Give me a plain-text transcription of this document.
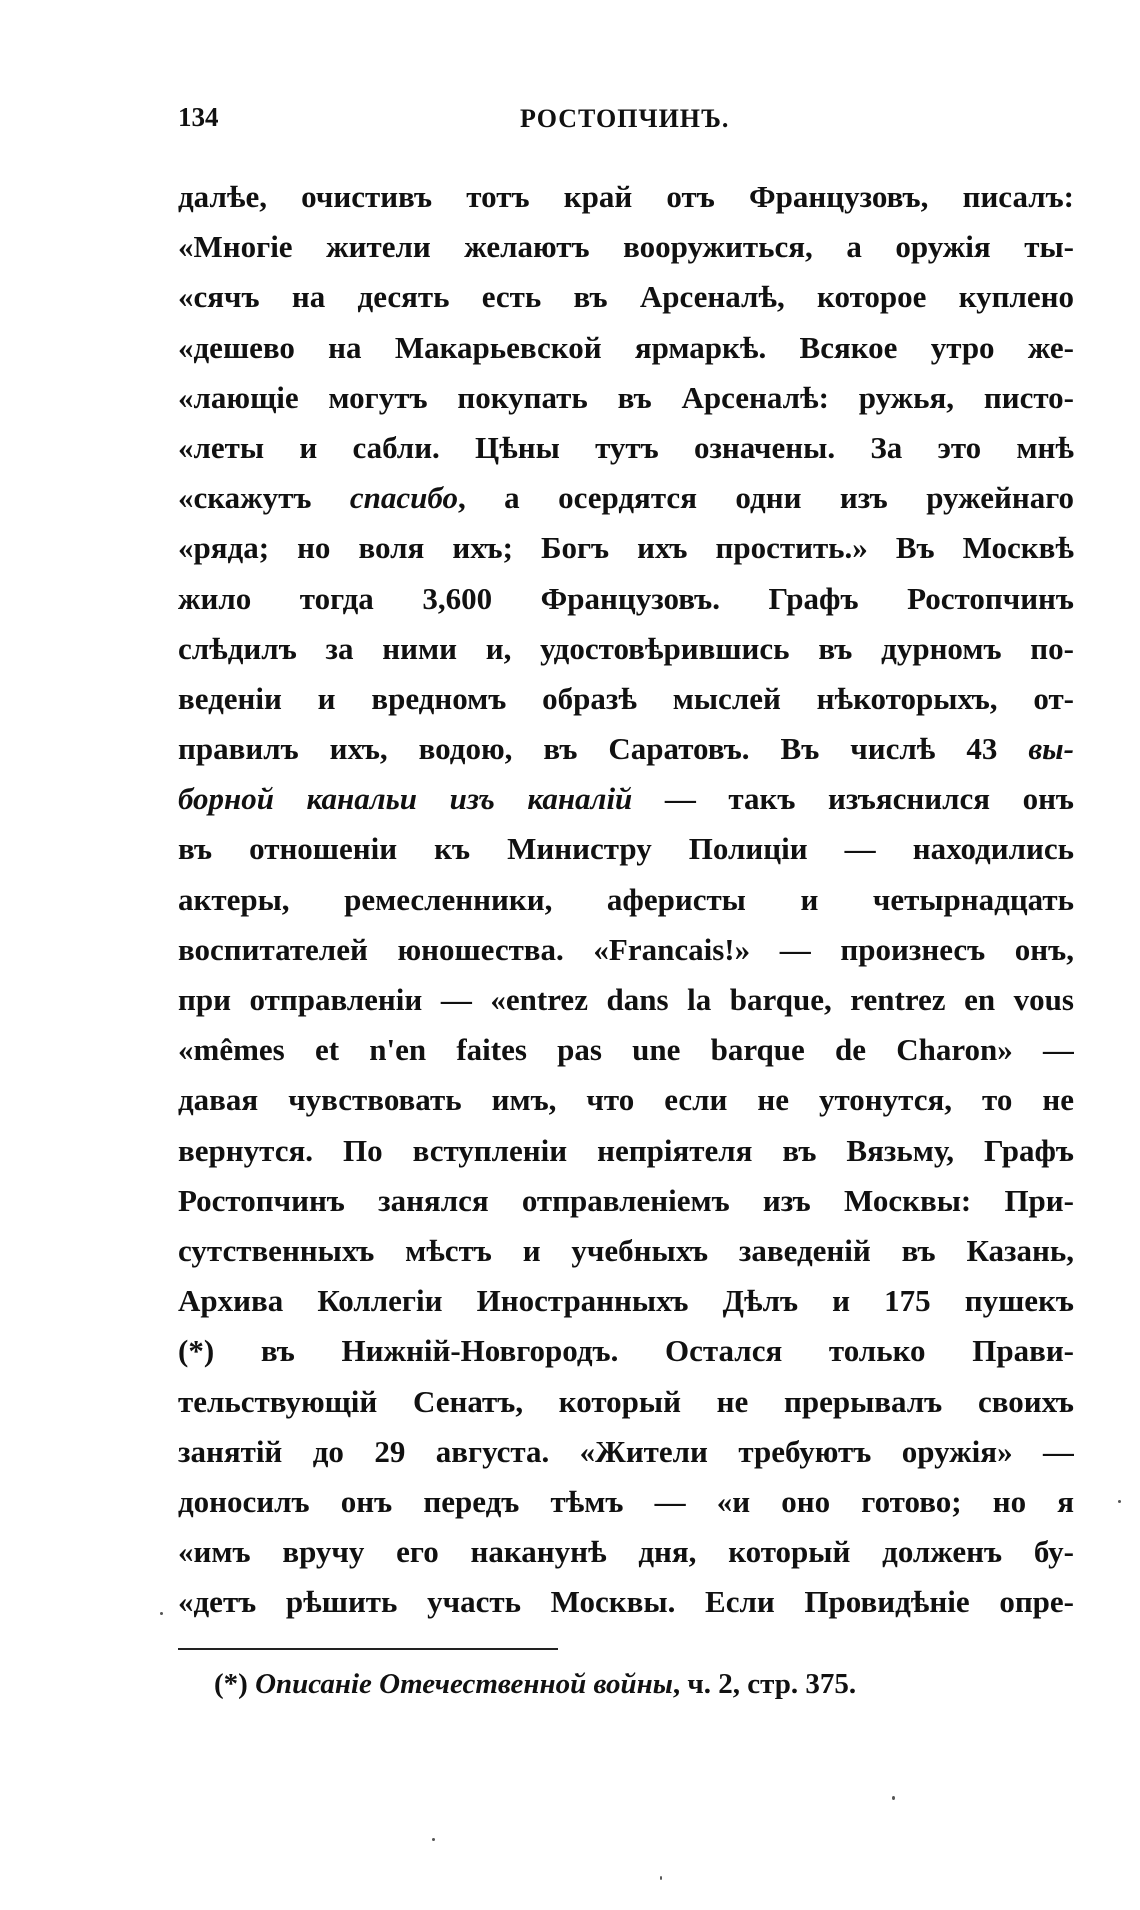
134	РОСТОПЧИНЪ.
далѣе, очистивъ тотъ край отъ Французовъ, писалъ:
«Многіе жители желаютъ вооружиться, а оружія ты-
«сячъ на десять есть въ Арсеналѣ, которое куплено
«дешево на Макарьевской ярмаркѣ. Всякое утро же-
«лающіе могутъ покупать въ Арсеналѣ: ружья, писто-
«леты и сабли. Цѣны тутъ означены. За это мнѣ
«скажутъ спасибо, а осердятся одни изъ ружейнаго
«ряда; но воля ихъ; Богъ ихъ простить.» Въ Москвѣ
жило тогда 3,600 Французовъ. Графъ Ростопчинъ
слѣдилъ за ними и, удостовѣрившись въ дурномъ по-
веденіи и вредномъ образѣ мыслей нѣкоторыхъ, от-
правилъ ихъ, водою, въ Саратовъ. Въ числѣ 43 вы-
борной канальи изъ каналій — такъ изъяснился онъ
въ отношеніи къ Министру Полиціи — находились
актеры, ремесленники, аферисты и четырнадцать
воспитателей юношества. «Francais!» — произнесъ онъ,
при отправленіи — «entrez dans la barque, rentrez en vous
«mêmes et n'en faites pas une barque de Charon» —
давая чувствовать имъ, что если не утонутся, то не
вернутся. По вступленіи непріятеля въ Вязьму, Графъ
Ростопчинъ занялся отправленіемъ изъ Москвы: При-
сутственныхъ мѣстъ и учебныхъ заведеній въ Казань,
Архива Коллегіи Иностранныхъ Дѣлъ и 175 пушекъ
(*) въ Нижній-Новгородъ. Остался только Прави-
тельствующій Сенатъ, который не прерывалъ своихъ
занятій до 29 августа. «Жители требуютъ оружія» —
доносилъ онъ передъ тѣмъ — «и оно готово; но я
«имъ вручу его наканунѣ дня, который долженъ бу-
«детъ рѣшить участь Москвы. Если Провидѣніе опре-
(*) Описаніе Отечественной войны, ч. 2, стр. 375.
